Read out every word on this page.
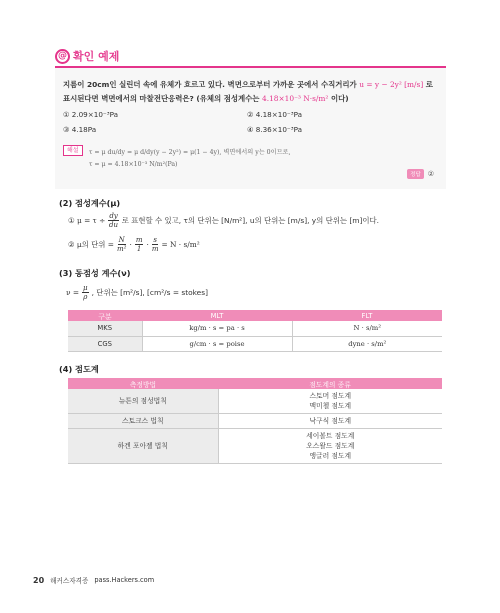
@ 확인 예제
지름이 20cm인 실린더 속에 유체가 흐르고 있다. 벽면으로부터 가까운 곳에서 수직거리가 u = y − 2y² [m/s] 로 표시된다면 벽면에서의 마찰전단응력은? (유체의 점성계수는 4.18×10⁻³ N·s/m² 이다)
① 2.09×10⁻³Pa	② 4.18×10⁻³Pa
③ 4.18Pa	④ 8.36×10⁻³Pa
해설	τ = μ du/dy = μ d/dy(y − 2y²) = μ(1 − 4y), 벽면에서의 y는 0이므로,
τ = μ = 4.18×10⁻³ N/m²(Pa)
정답	②
(2) 점성계수(μ)
① $\mu = \tau \div \frac{dy}{du}$ 로 표현할 수 있고, τ의 단위는 [N/m²], u의 단위는 [m/s], y의 단위는 [m]이다.
② μ의 단위 = $\frac{N}{\text{m²}} \cdot \frac{m}{1} \cdot \frac{s}{m} = N \cdot s/m^2$
(3) 동점성 계수(ν)
$\nu = \frac{\mu}{\rho}$ , 단위는 [m²/s], [cm²/s = stokes]
구분	MLT	FLT
MKS	kg/m · s = pa · s	N · s/m²
CGS	g/cm · s = poise	dyne · s/m²
(4) 점도계
측정방법	점도계의 종류
뉴튼의 점성법칙	스토머 점도계
맥미첼 점도계

스토크스 법칙	낙구식 점도계

하겐 포아젤 법칙	세이볼트 점도계
오스왈드 점도계
앵글러 점도계
20 해커스자격증 pass.Hackers.com
